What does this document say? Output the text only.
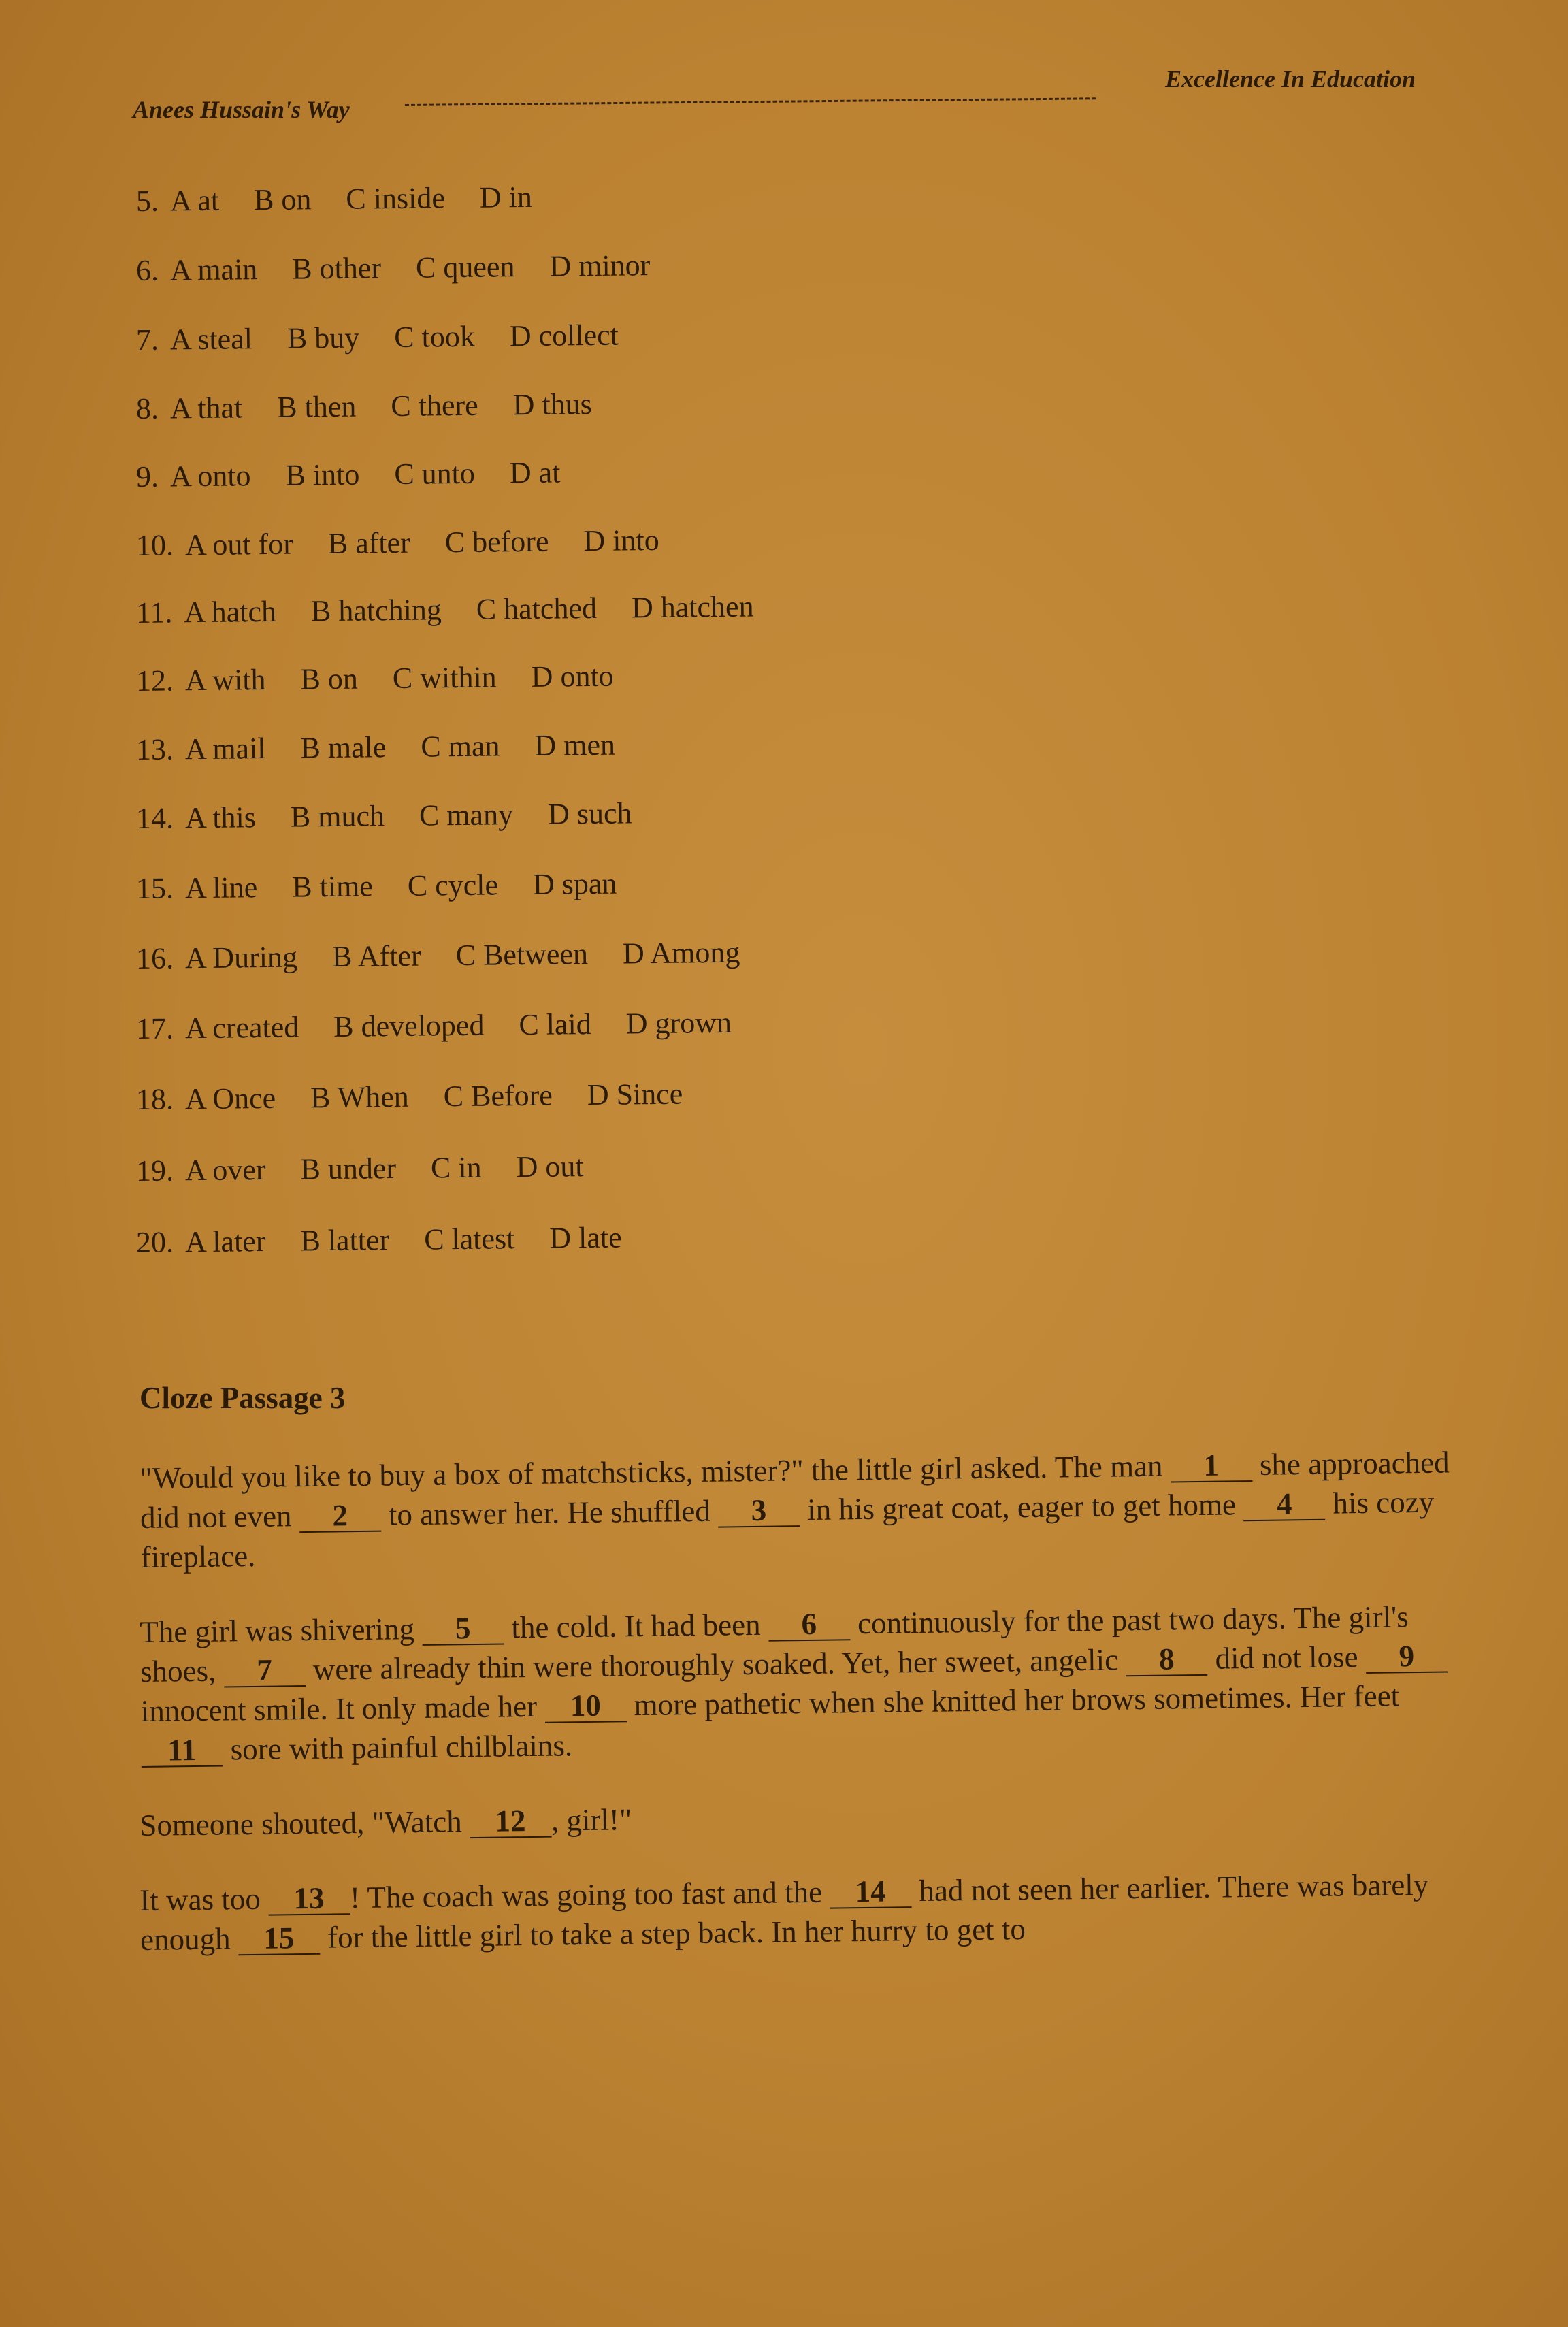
Anees Hussain's Way
Excellence In Education
5. A at B on C inside D in
6. A main B other C queen D minor
7. A steal B buy C took D collect
8. A that B then C there D thus
9. A onto B into C unto D at
10. A out for B after C before D into
11. A hatch B hatching C hatched D hatchen
12. A with B on C within D onto
13. A mail B male C man D men
14. A this B much C many D such
15. A line B time C cycle D span
16. A During B After C Between D Among
17. A created B developed C laid D grown
18. A Once B When C Before D Since
19. A over B under C in D out
20. A later B latter C latest D late
Cloze Passage 3

"Would you like to buy a box of matchsticks, mister?" the little girl asked. The man 1 she approached did not even 2 to answer her. He shuffled 3 in his great coat, eager to get home 4 his cozy fireplace.

The girl was shivering 5 the cold. It had been 6 continuously for the past two days. The girl's shoes, 7 were already thin were thoroughly soaked. Yet, her sweet, angelic 8 did not lose 9 innocent smile. It only made her 10 more pathetic when she knitted her brows sometimes. Her feet 11 sore with painful chilblains.

Someone shouted, "Watch 12 , girl!"

It was too 13 ! The coach was going too fast and the 14 had not seen her earlier. There was barely enough 15 for the little girl to take a step back. In her hurry to get to
